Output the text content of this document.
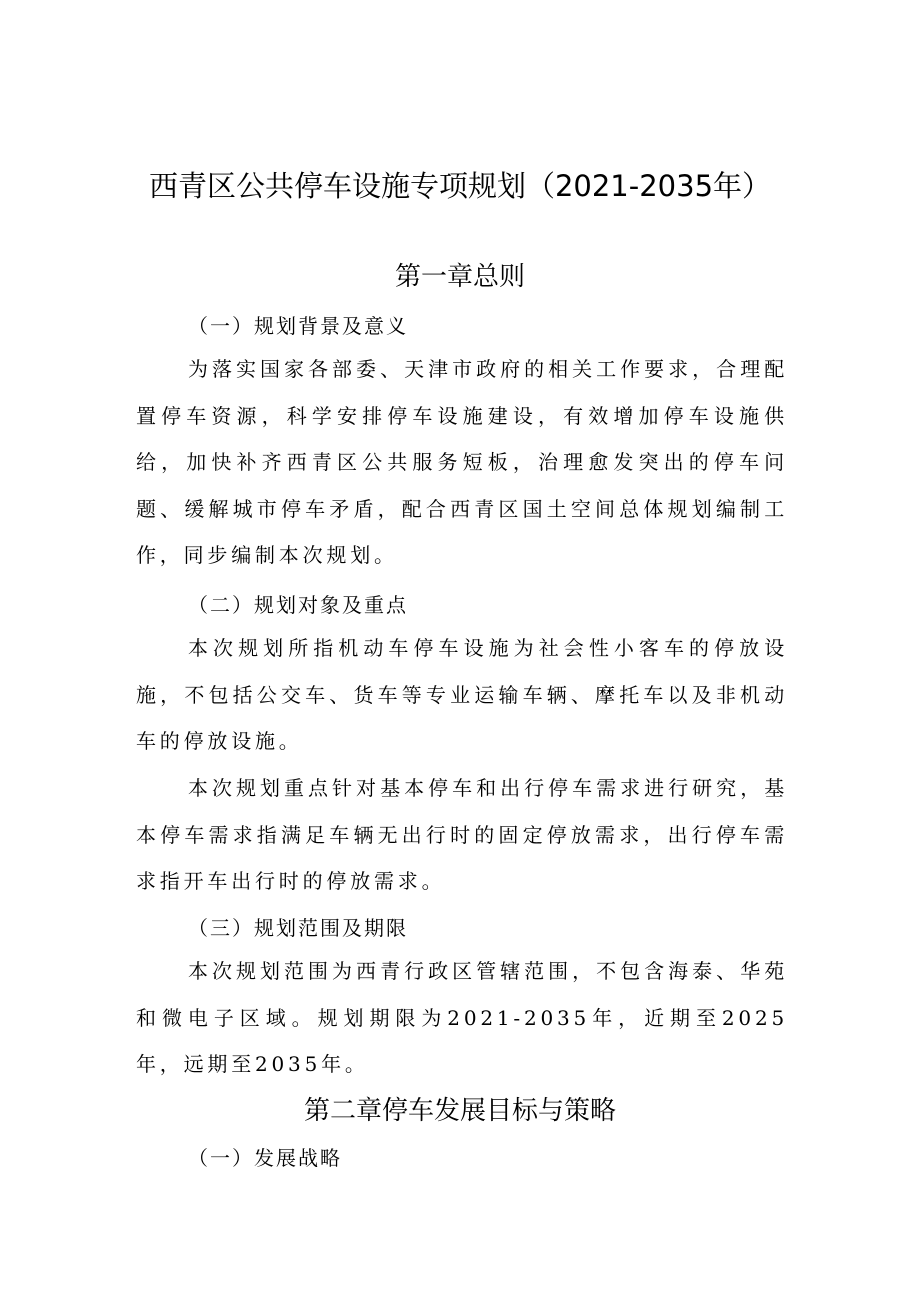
西青区公共停车设施专项规划（2021-2035年）
第一章总则
（一）规划背景及意义

为落实国家各部委、天津市政府的相关工作要求，合理配置停车资源，科学安排停车设施建设，有效增加停车设施供给，加快补齐西青区公共服务短板，治理愈发突出的停车问题、缓解城市停车矛盾，配合西青区国土空间总体规划编制工作，同步编制本次规划。

（二）规划对象及重点

本次规划所指机动车停车设施为社会性小客车的停放设施，不包括公交车、货车等专业运输车辆、摩托车以及非机动车的停放设施。

本次规划重点针对基本停车和出行停车需求进行研究，基本停车需求指满足车辆无出行时的固定停放需求，出行停车需求指开车出行时的停放需求。

（三）规划范围及期限

本次规划范围为西青行政区管辖范围，不包含海泰、华苑和微电子区域。规划期限为2021-2035年，近期至2025年，远期至2035年。

第二章停车发展目标与策略
（一）发展战略
